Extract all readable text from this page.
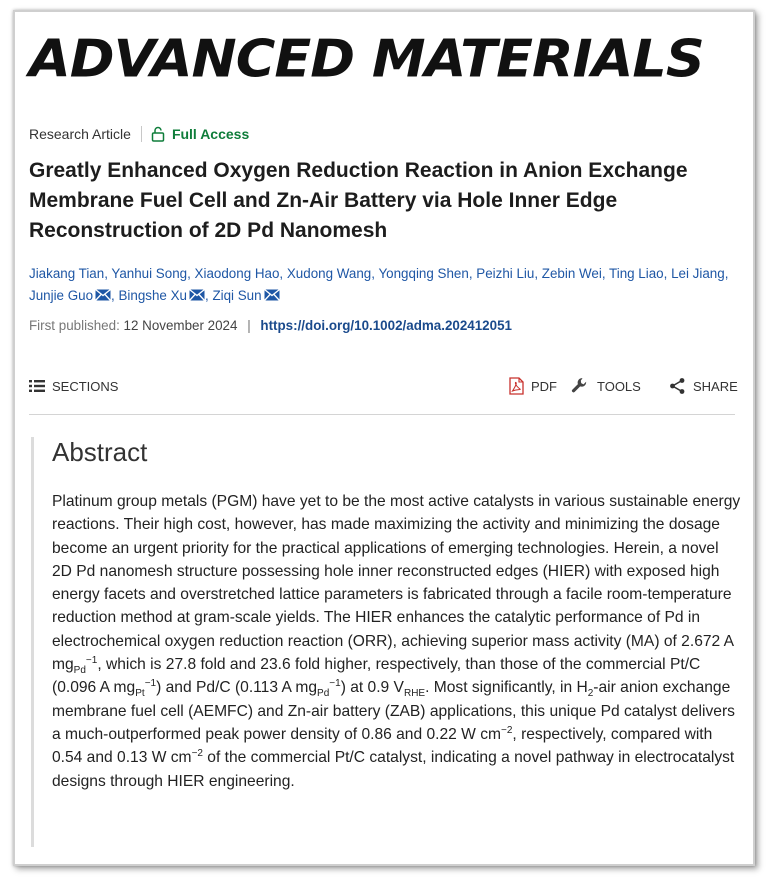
ADVANCED MATERIALS
Research Article	Full Access
Greatly Enhanced Oxygen Reduction Reaction in Anion Exchange Membrane Fuel Cell and Zn-Air Battery via Hole Inner Edge Reconstruction of 2D Pd Nanomesh
Jiakang Tian, Yanhui Song, Xiaodong Hao, Xudong Wang, Yongqing Shen, Peizhi Liu, Zebin Wei, Ting Liao, Lei Jiang, Junjie Guo , Bingshe Xu , Ziqi Sun
First published: 12 November 2024 | https://doi.org/10.1002/adma.202412051
SECTIONS	PDF	TOOLS	SHARE
Abstract

Platinum group metals (PGM) have yet to be the most active catalysts in various sustainable energy reactions. Their high cost, however, has made maximizing the activity and minimizing the dosage become an urgent priority for the practical applications of emerging technologies. Herein, a novel 2D Pd nanomesh structure possessing hole inner reconstructed edges (HIER) with exposed high energy facets and overstretched lattice parameters is fabricated through a facile room-temperature reduction method at gram-scale yields. The HIER enhances the catalytic performance of Pd in electrochemical oxygen reduction reaction (ORR), achieving superior mass activity (MA) of 2.672 A $mg_{Pd}^{-1}$, which is 27.8 fold and 23.6 fold higher, respectively, than those of the commercial Pt/C (0.096 A $mg_{Pt}^{-1}$) and Pd/C (0.113 A $mg_{Pd}^{-1}$) at 0.9 $V_{RHE}$. Most significantly, in $H_2$-air anion exchange membrane fuel cell (AEMFC) and Zn-air battery (ZAB) applications, this unique Pd catalyst delivers a much-outperformed peak power density of 0.86 and 0.22 W $cm^{-2}$, respectively, compared with 0.54 and 0.13 W $cm^{-2}$ of the commercial Pt/C catalyst, indicating a novel pathway in electrocatalyst designs through HIER engineering.
